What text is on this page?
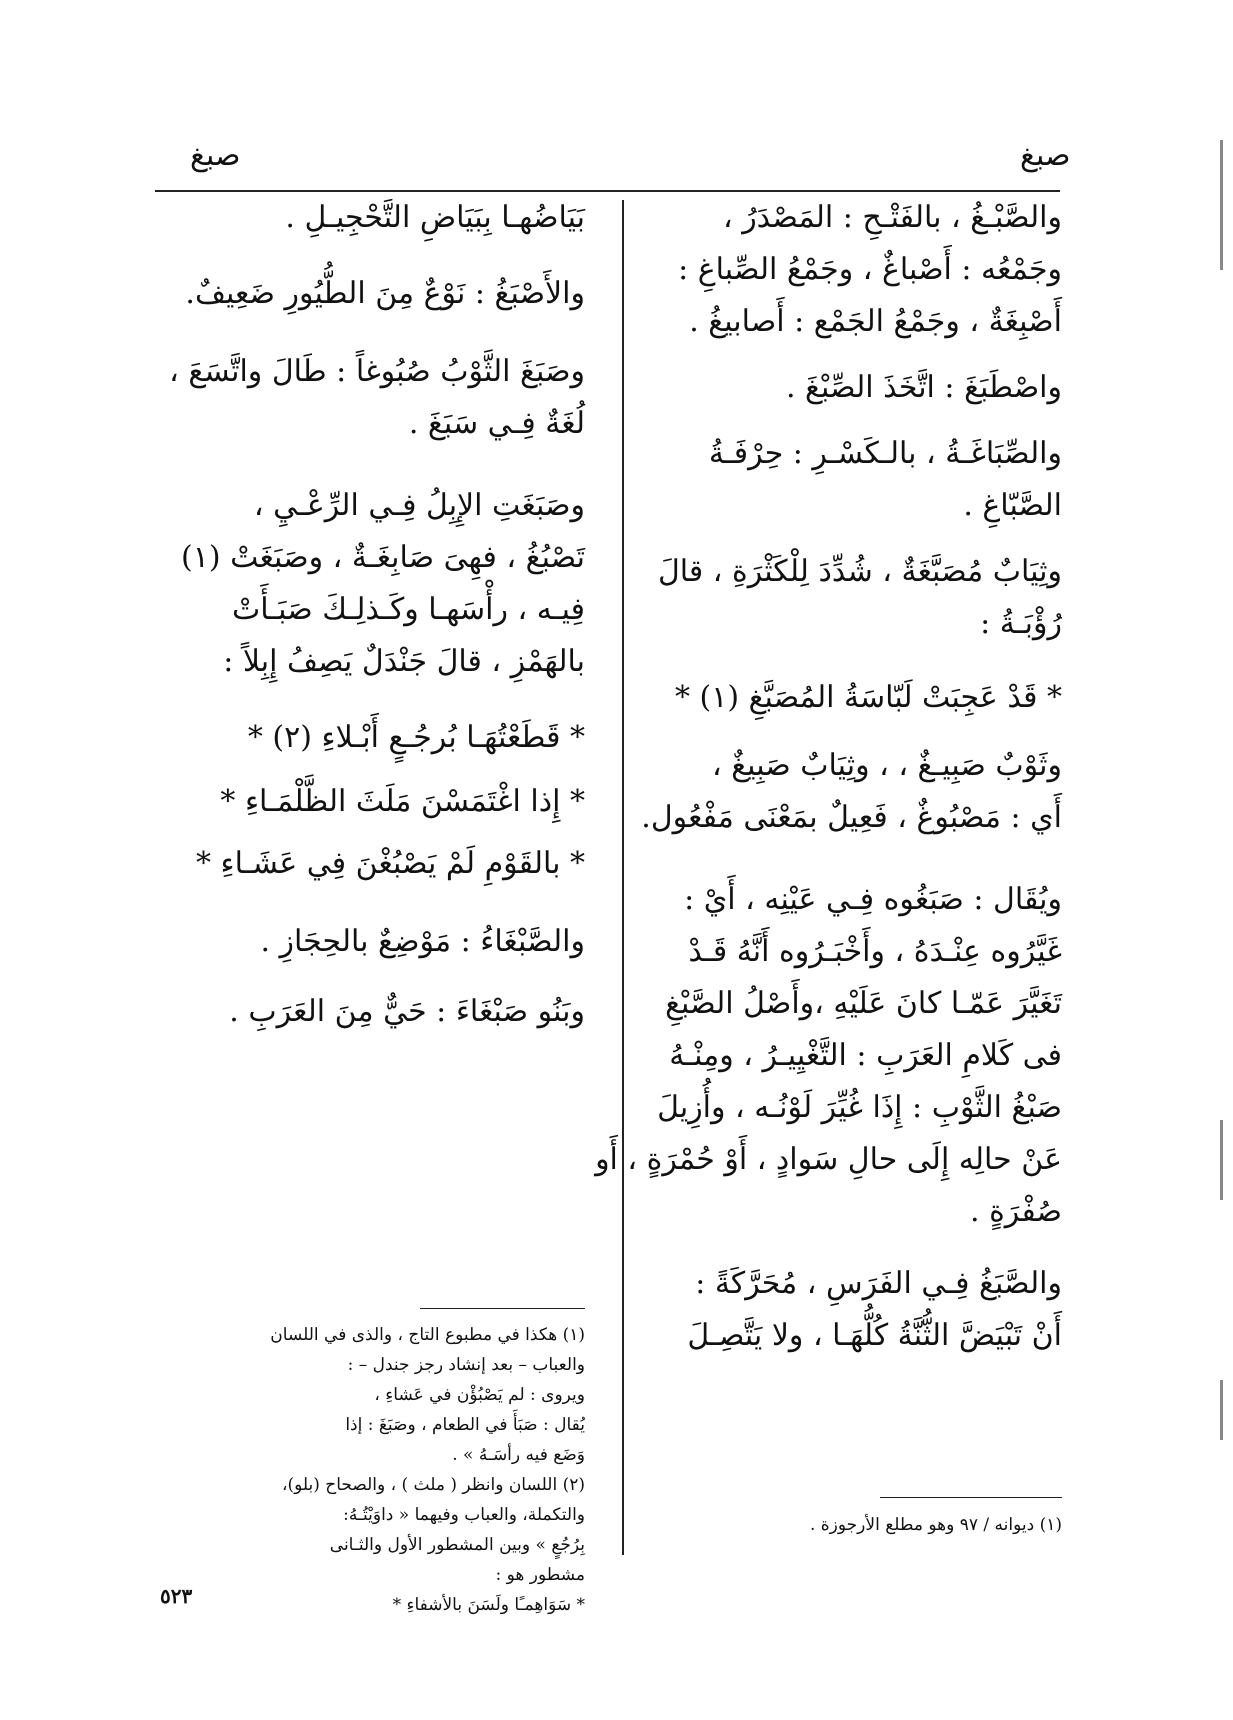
صبغ
صبغ
والصَّبْـغُ ، بالفَتْـحِ : المَصْدَرُ ،
وجَمْعُه : أَصْباغٌ ، وجَمْعُ الصِّباغِ :
أَصْبِغَةٌ ، وجَمْعُ الجَمْع : أَصابيغُ .
واصْطَبَغَ : اتَّخَذَ الصِّبْغَ .
والصِّبَاغَـةُ ، بالـكَسْـرِ : حِرْفَـةُ
الصَّبّاغِ .
وثِيَابٌ مُصَبَّغَةٌ ، شُدِّدَ لِلْكَثْرَةِ ، قالَ
رُؤْبَـةُ :
* قَدْ عَجِبَتْ لَبّاسَةُ المُصَبَّغِ (١) *
وثَوْبٌ صَبِيـغٌ ، ، وثِيَابٌ صَبِيغٌ ،
أَي : مَصْبُوغٌ ، فَعِيلٌ بمَعْنَى مَفْعُول.
ويُقَال : صَبَغُوه فِـي عَيْنِه ، أَيْ :
غَيَّرُوه عِنْـدَهُ ، وأَخْبَـرُوه أَنَّهُ قَـدْ
تَغَيَّرَ عَمّـا كانَ عَلَيْهِ ،وأَصْلُ الصَّبْغِ
فى كَلامِ العَرَبِ : التَّغْيِيـرُ ، ومِنْـهُ
صَبْغُ الثَّوْبِ : إِذَا غُيِّرَ لَوْنُـه ، وأُزِيلَ
عَنْ حالِه إِلَى حالِ سَوادٍ ، أَوْ حُمْرَةٍ ، أَو
صُفْرَةٍ .
والصَّبَغُ فِـي الفَرَسِ ، مُحَرَّكَةً :
أَنْ تَبْيَضَّ الثُّنَّةُ كُلُّهَـا ، ولا يَتَّصِـلَ
بَيَاضُهـا بِبَيَاضِ التَّحْجِيـلِ .
والأَصْبَغُ : نَوْعٌ مِنَ الطُّيُورِ ضَعِيفٌ.
وصَبَغَ الثَّوْبُ صُبُوغاً : طَالَ واتَّسَعَ ،
لُغَةٌ فِـي سَبَغَ .
وصَبَغَتِ الإِبِلُ فِـي الرِّعْـيِ ،
تَصْبُغُ ، فهِىَ صَابِغَـةٌ ، وصَبَغَتْ (١)
فِيـه ، رأْسَهـا وكَـذلِـكَ صَبَـأَتْ
بالهَمْزِ ، قالَ جَنْدَلٌ يَصِفُ إِبِلاً :
* قَطَعْتُهَـا بُرجُـعٍ أَبْـلاءِ (٢) *
* إِذا اغْتَمَسْنَ مَلَثَ الظَّلْمَـاءِ *
* بالقَوْمِ لَمْ يَصْبُغْنَ فِي عَشَـاءِ *
والصَّبْغَاءُ : مَوْضِعٌ بالحِجَازِ .
وبَنُو صَبْغَاءَ : حَيٌّ مِنَ العَرَبِ .
(١) هكذا في مطبوع التاج ، والذى في اللسان
والعباب – بعد إنشاد رجز جندل – :
ويروى : لم يَصْبُؤْن في عَشاءِ ،
يُقال : صَبَأَ في الطعام ، وصَبَغَ : إذا
وَضَع فيه رأسَـهُ » .
(٢) اللسان وانظر ( ملث ) ، والصحاح (بلو)،
والتكملة، والعباب وفيهما « داوَيْتُـهُ:
بِرُجُعٍ » وبين المشطور الأول والثـانى
مشطور هو :
* سَوَاهِمـًا ولَسَنَ بالأشفاءِ *
(١) ديوانه / ٩٧ وهو مطلع الأرجوزة .
٥٢٣
